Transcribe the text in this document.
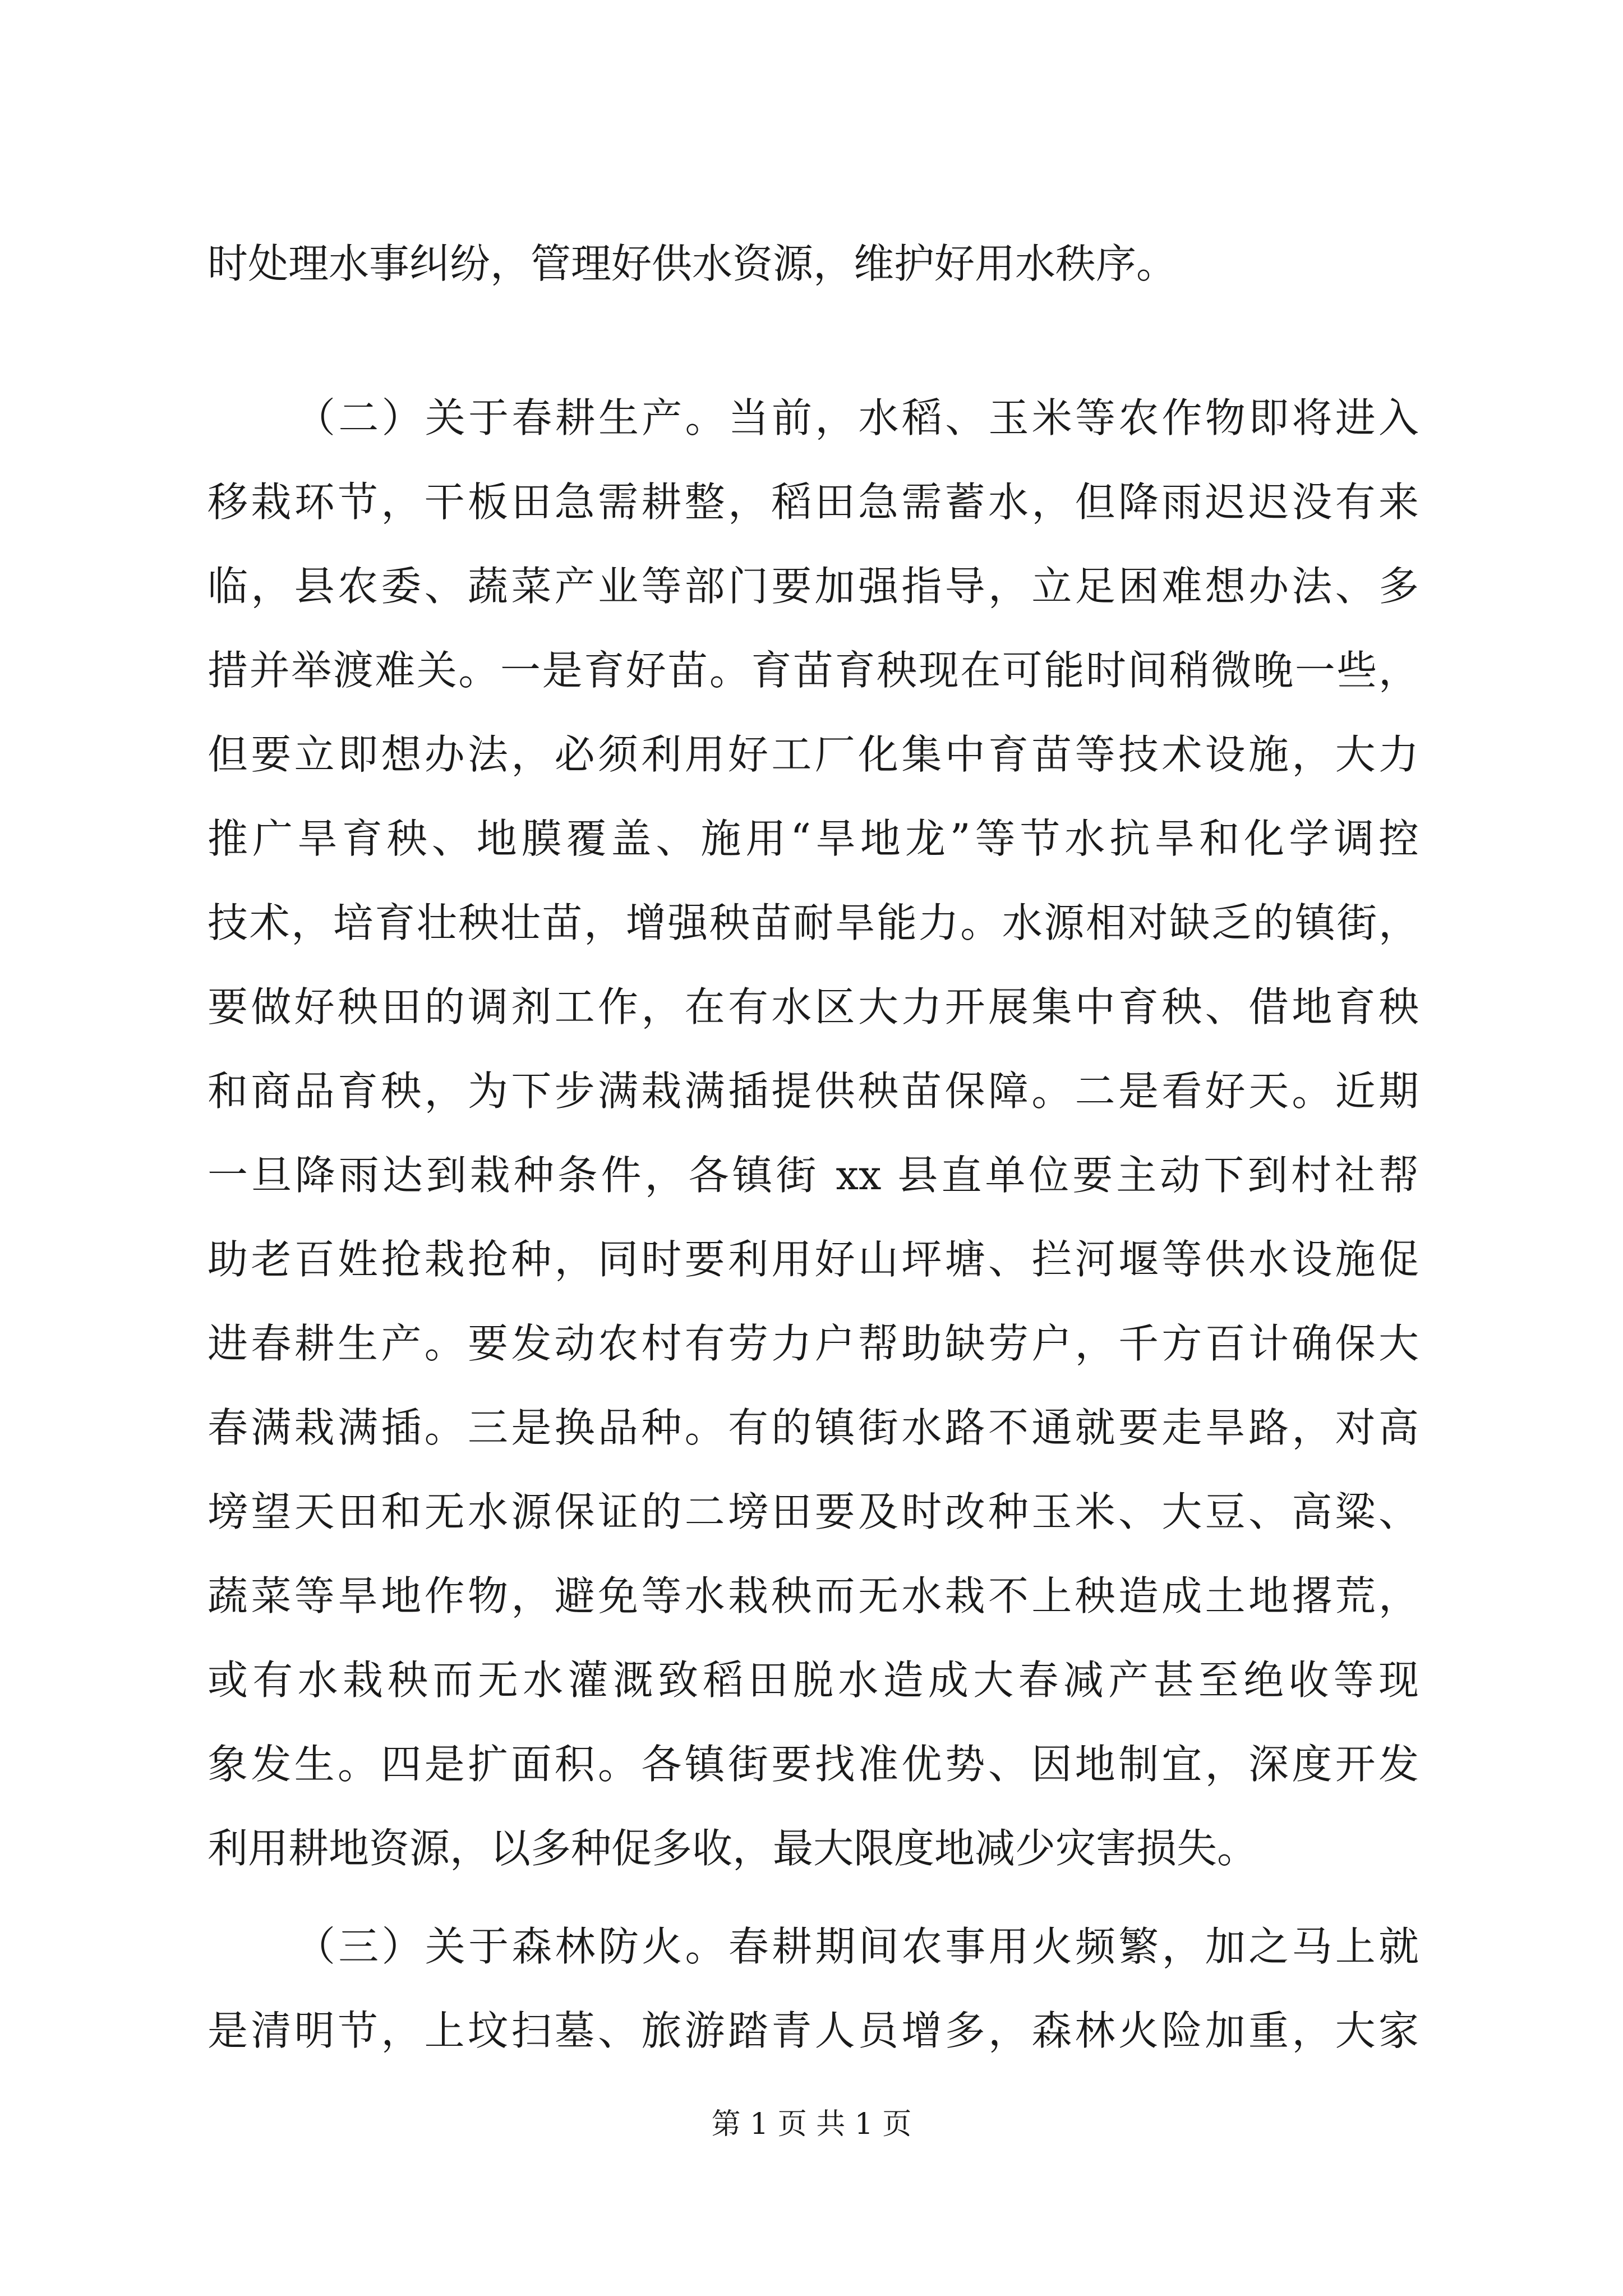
时处理水事纠纷，管理好供水资源，维护好用水秩序。
（二）关于春耕生产。当前，水稻、玉米等农作物即将进入
移栽环节，干板田急需耕整，稻田急需蓄水，但降雨迟迟没有来
临，县农委、蔬菜产业等部门要加强指导，立足困难想办法、多
措并举渡难关。一是育好苗。育苗育秧现在可能时间稍微晚一些，
但要立即想办法，必须利用好工厂化集中育苗等技术设施，大力
推广旱育秧、地膜覆盖、施用“旱地龙”等节水抗旱和化学调控
技术，培育壮秧壮苗，增强秧苗耐旱能力。水源相对缺乏的镇街，
要做好秧田的调剂工作，在有水区大力开展集中育秧、借地育秧
和商品育秧，为下步满栽满插提供秧苗保障。二是看好天。近期
一旦降雨达到栽种条件，各镇街 xx 县直单位要主动下到村社帮
助老百姓抢栽抢种，同时要利用好山坪塘、拦河堰等供水设施促
进春耕生产。要发动农村有劳力户帮助缺劳户，千方百计确保大
春满栽满插。三是换品种。有的镇街水路不通就要走旱路，对高
塝望天田和无水源保证的二塝田要及时改种玉米、大豆、高粱、
蔬菜等旱地作物，避免等水栽秧而无水栽不上秧造成土地撂荒，
或有水栽秧而无水灌溉致稻田脱水造成大春减产甚至绝收等现
象发生。四是扩面积。各镇街要找准优势、因地制宜，深度开发
利用耕地资源，以多种促多收，最大限度地减少灾害损失。
（三）关于森林防火。春耕期间农事用火频繁，加之马上就
是清明节，上坟扫墓、旅游踏青人员增多，森林火险加重，大家
第 1 页 共 1 页
